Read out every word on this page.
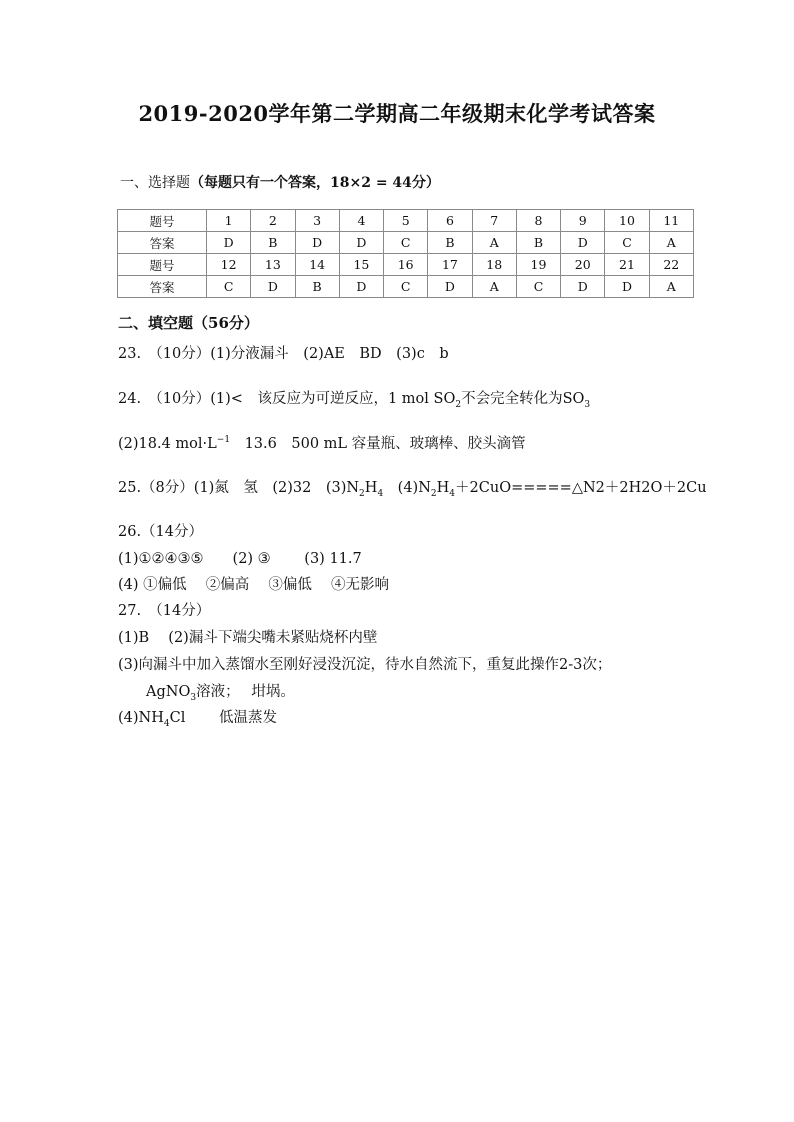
2019-2020学年第二学期高二年级期末化学考试答案
一、选择题（每题只有一个答案，18×2 = 44分）
题号	1	2	3	4	5	6	7	8	9	10	11
答案	D	B	D	D	C	B	A	B	D	C	A
题号	12	13	14	15	16	17	18	19	20	21	22
答案	C	D	B	D	C	D	A	C	D	D	A
二、填空题（56分）
23.　（10分）(1)分液漏斗　(2)AE　BD　(3)c　b
24.　（10分）(1)<　该反应为可逆反应，1 mol $SO_2$不会完全转化为$SO_3$
(2)18.4 $mol\cdot L^{-1}$　13.6　500 mL 容量瓶、玻璃棒、胶头滴管
25.（8分）(1)氮　氢　(2)32　$(3)N_2H_4$　$(4)N_2H_4+2CuO=====\triangle N2+2H2O+2Cu$
26.（14分）
(1)①②④③⑤　　(2) ③　　 (3) 11.7
(4) ①偏低　 ②偏高　 ③偏低　 ④无影响
27.　（14分）
(1)B　 (2)漏斗下端尖嘴未紧贴烧杯内壁
(3)向漏斗中加入蒸馏水至刚好浸没沉淀，待水自然流下，重复此操作2-3次；
AgNO$_3$溶液；　 坩埚。
$(4)NH_4Cl$　　 低温蒸发
